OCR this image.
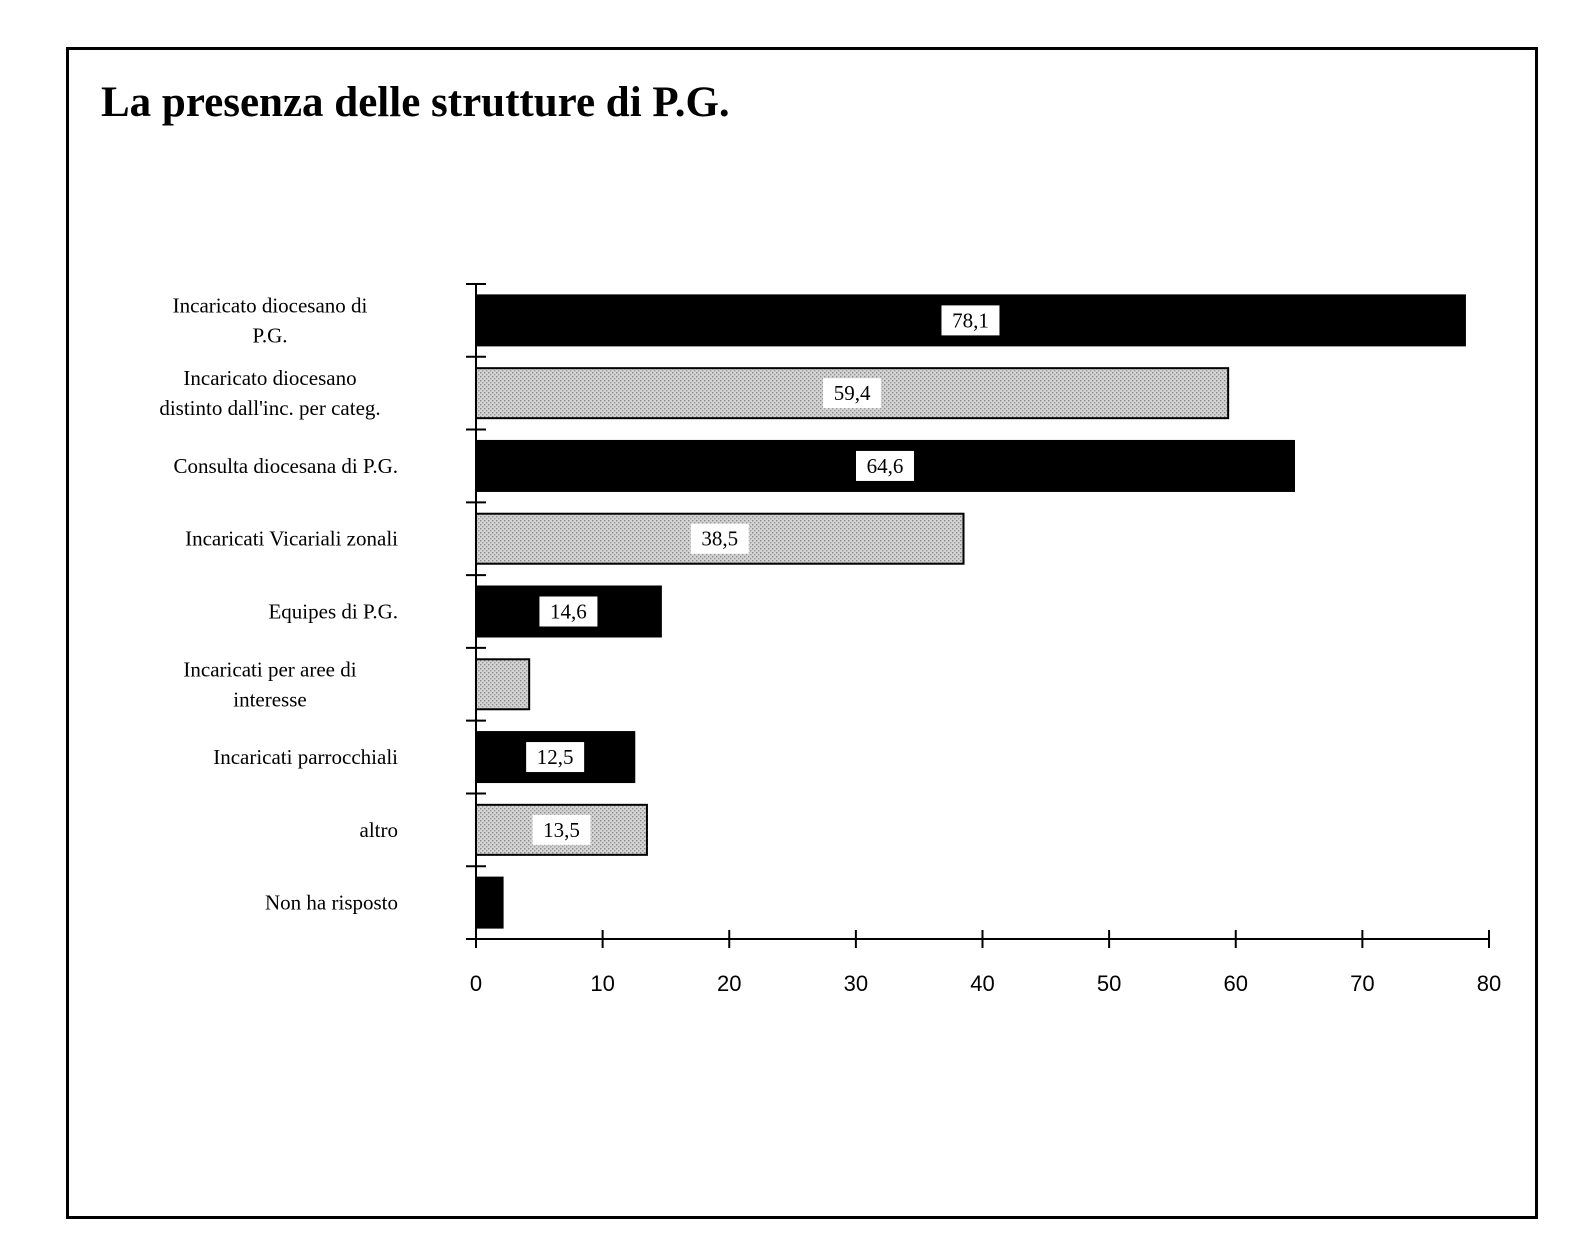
La presenza delle strutture di P.G.
0	10	20	30	40	50	60	70	80
Incaricato diocesano di
P.G.
78,1
Incaricato diocesano
distinto dall'inc. per categ.
59,4
Consulta diocesana di P.G.	64,6
Incaricati Vicariali zonali	38,5
Equipes di P.G.	14,6
Incaricati per aree di
interesse
Incaricati parrocchiali	12,5
altro	13,5
Non ha risposto
